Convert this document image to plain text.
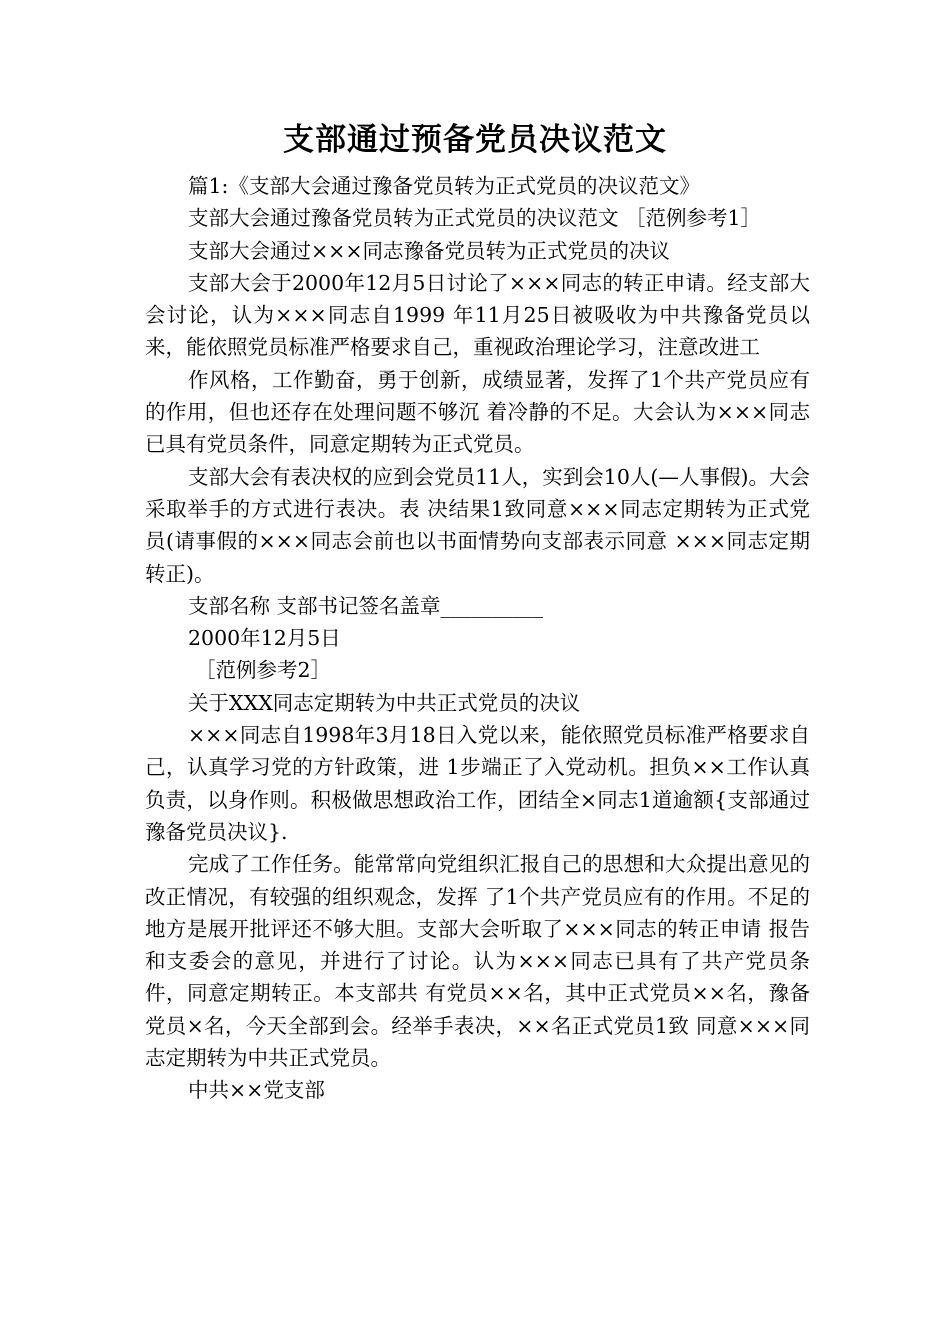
支部通过预备党员决议范文

篇1:《支部大会通过豫备党员转为正式党员的决议范文》

支部大会通过豫备党员转为正式党员的决议范文 ［范例参考1］

支部大会通过×××同志豫备党员转为正式党员的决议

支部大会于2000年12月5日讨论了×××同志的转正申请。经支部大会讨论，认为×××同志自1999 年11月25日被吸收为中共豫备党员以来，能依照党员标准严格要求自己，重视政治理论学习，注意改进工

作风格，工作勤奋，勇于创新，成绩显著，发挥了1个共产党员应有的作用，但也还存在处理问题不够沉 着冷静的不足。大会认为×××同志已具有党员条件，同意定期转为正式党员。

支部大会有表决权的应到会党员11人，实到会10人(—人事假)。大会采取举手的方式进行表决。表 决结果1致同意×××同志定期转为正式党员(请事假的×××同志会前也以书面情势向支部表示同意 ×××同志定期转正)。

支部名称 支部书记签名盖章__________

2000年12月5日

［范例参考2］

关于XXX同志定期转为中共正式党员的决议

×××同志自1998年3月18日入党以来，能依照党员标准严格要求自己，认真学习党的方针政策，进 1步端正了入党动机。担负××工作认真负责，以身作则。积极做思想政治工作，团结全×同志1道逾额{支部通过豫备党员决议}.

完成了工作任务。能常常向党组织汇报自己的思想和大众提出意见的改正情况，有较强的组织观念，发挥 了1个共产党员应有的作用。不足的地方是展开批评还不够大胆。支部大会听取了×××同志的转正申请 报告和支委会的意见，并进行了讨论。认为×××同志已具有了共产党员条件，同意定期转正。本支部共 有党员××名，其中正式党员××名，豫备党员×名，今天全部到会。经举手表决，××名正式党员1致 同意×××同志定期转为中共正式党员。

中共××党支部
